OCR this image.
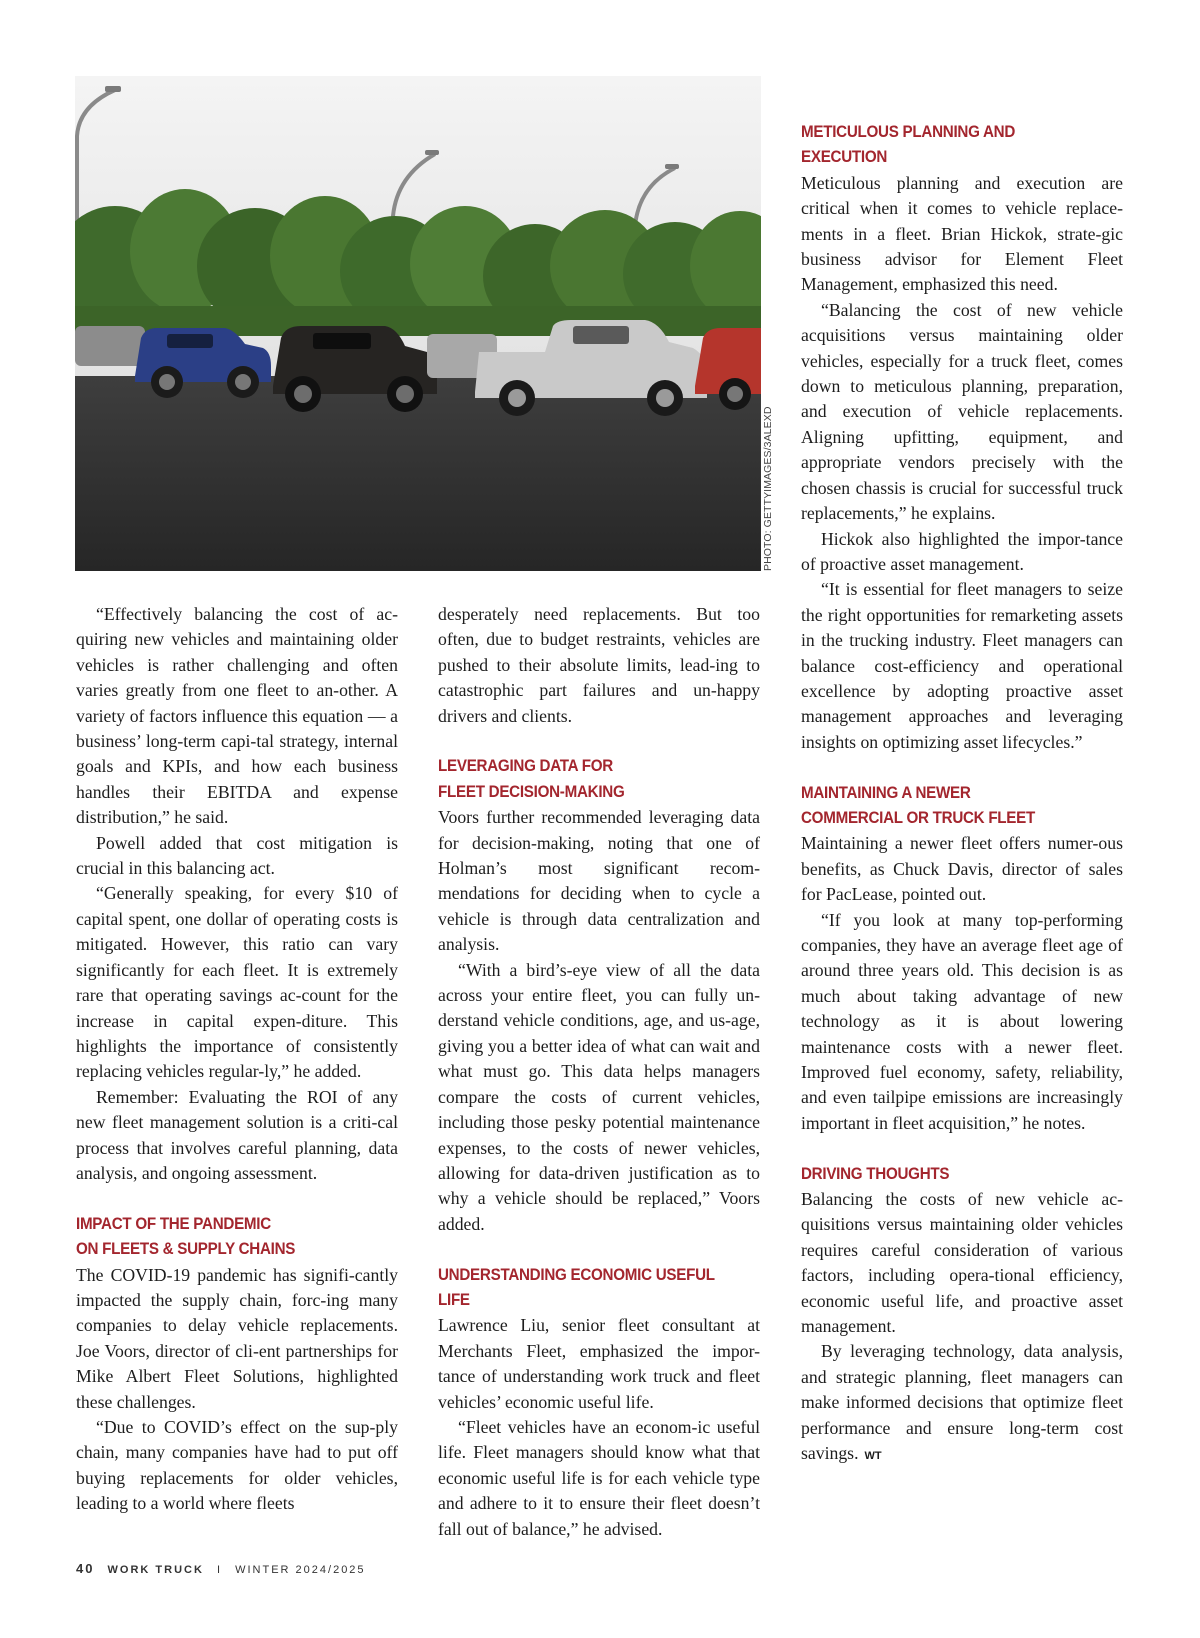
PHOTO: GETTYIMAGES/3ALEXD

“Effectively balancing the cost of ac-quiring new vehicles and maintaining older vehicles is rather challenging and often varies greatly from one fleet to an-other. A variety of factors influence this equation — a business’ long-term capi-tal strategy, internal goals and KPIs, and how each business handles their EBITDA and expense distribution,” he said.

Powell added that cost mitigation is crucial in this balancing act.

“Generally speaking, for every $10 of capital spent, one dollar of operating costs is mitigated. However, this ratio can vary significantly for each fleet. It is extremely rare that operating savings ac-count for the increase in capital expen-diture. This highlights the importance of consistently replacing vehicles regular-ly,” he added.

Remember: Evaluating the ROI of any new fleet management solution is a criti-cal process that involves careful planning, data analysis, and ongoing assessment.

IMPACT OF THE PANDEMIC
ON FLEETS & SUPPLY CHAINS

The COVID-19 pandemic has signifi-cantly impacted the supply chain, forc-ing many companies to delay vehicle replacements. Joe Voors, director of cli-ent partnerships for Mike Albert Fleet Solutions, highlighted these challenges.

“Due to COVID’s effect on the sup-ply chain, many companies have had to put off buying replacements for older vehicles, leading to a world where fleets

desperately need replacements. But too often, due to budget restraints, vehicles are pushed to their absolute limits, lead-ing to catastrophic part failures and un-happy drivers and clients.

LEVERAGING DATA FOR
FLEET DECISION-MAKING

Voors further recommended leveraging data for decision-making, noting that one of Holman’s most significant recom-mendations for deciding when to cycle a vehicle is through data centralization and analysis.

“With a bird’s-eye view of all the data across your entire fleet, you can fully un-derstand vehicle conditions, age, and us-age, giving you a better idea of what can wait and what must go. This data helps managers compare the costs of current vehicles, including those pesky potential maintenance expenses, to the costs of newer vehicles, allowing for data-driven justification as to why a vehicle should be replaced,” Voors added.

UNDERSTANDING ECONOMIC USEFUL LIFE

Lawrence Liu, senior fleet consultant at Merchants Fleet, emphasized the impor-tance of understanding work truck and fleet vehicles’ economic useful life.

“Fleet vehicles have an econom-ic useful life. Fleet managers should know what that economic useful life is for each vehicle type and adhere to it to ensure their fleet doesn’t fall out of balance,” he advised.

METICULOUS PLANNING AND EXECUTION

Meticulous planning and execution are critical when it comes to vehicle replace-ments in a fleet. Brian Hickok, strate-gic business advisor for Element Fleet Management, emphasized this need.

“Balancing the cost of new vehicle acquisitions versus maintaining older vehicles, especially for a truck fleet, comes down to meticulous planning, preparation, and execution of vehicle replacements. Aligning upfitting, equipment, and appropriate vendors precisely with the chosen chassis is crucial for successful truck replacements,” he explains.

Hickok also highlighted the impor-tance of proactive asset management.

“It is essential for fleet managers to seize the right opportunities for remarketing assets in the trucking industry. Fleet managers can balance cost-efficiency and operational excellence by adopting proactive asset management approaches and leveraging insights on optimizing asset lifecycles.”

MAINTAINING A NEWER
COMMERCIAL OR TRUCK FLEET

Maintaining a newer fleet offers numer-ous benefits, as Chuck Davis, director of sales for PacLease, pointed out.

“If you look at many top-performing companies, they have an average fleet age of around three years old. This decision is as much about taking advantage of new technology as it is about lowering maintenance costs with a newer fleet. Improved fuel economy, safety, reliability, and even tailpipe emissions are increasingly important in fleet acquisition,” he notes.

DRIVING THOUGHTS

Balancing the costs of new vehicle ac-quisitions versus maintaining older vehicles requires careful consideration of various factors, including opera-tional efficiency, economic useful life, and proactive asset management.

By leveraging technology, data analysis, and strategic planning, fleet managers can make informed decisions that optimize fleet performance and ensure long-term cost savings. WT

40 WORK TRUCK I WINTER 2024/2025
